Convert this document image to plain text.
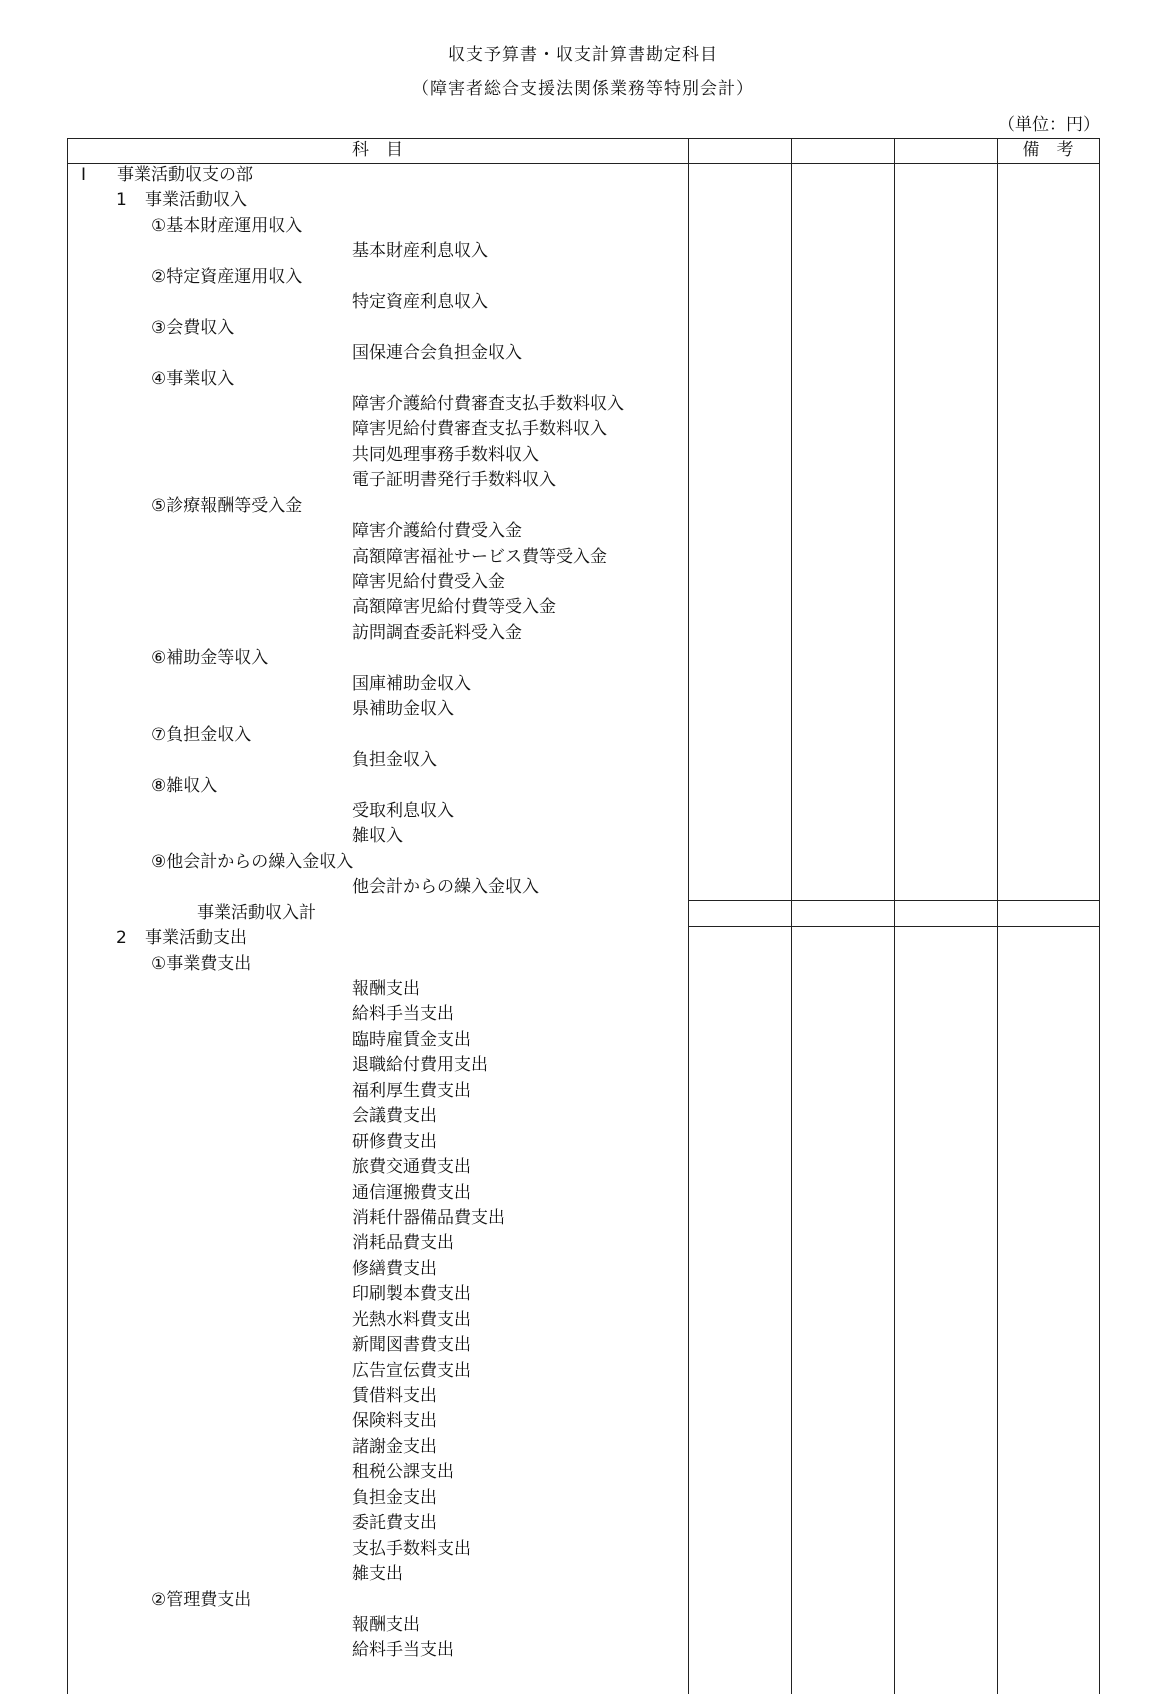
収支予算書・収支計算書勘定科目
（障害者総合支援法関係業務等特別会計）
（単位：円）
科　目	備　考
Ⅰ 事業活動収支の部
1 事業活動収入
①基本財産運用収入
基本財産利息収入
②特定資産運用収入
特定資産利息収入
③会費収入
国保連合会負担金収入
④事業収入
障害介護給付費審査支払手数料収入
障害児給付費審査支払手数料収入
共同処理事務手数料収入
電子証明書発行手数料収入
⑤診療報酬等受入金
障害介護給付費受入金
高額障害福祉サービス費等受入金
障害児給付費受入金
高額障害児給付費等受入金
訪問調査委託料受入金
⑥補助金等収入
国庫補助金収入
県補助金収入
⑦負担金収入
負担金収入
⑧雑収入
受取利息収入
雑収入
⑨他会計からの繰入金収入
他会計からの繰入金収入
事業活動収入計
2 事業活動支出
①事業費支出
報酬支出
給料手当支出
臨時雇賃金支出
退職給付費用支出
福利厚生費支出
会議費支出
研修費支出
旅費交通費支出
通信運搬費支出
消耗什器備品費支出
消耗品費支出
修繕費支出
印刷製本費支出
光熱水料費支出
新聞図書費支出
広告宣伝費支出
賃借料支出
保険料支出
諸謝金支出
租税公課支出
負担金支出
委託費支出
支払手数料支出
雑支出
②管理費支出
報酬支出
給料手当支出
